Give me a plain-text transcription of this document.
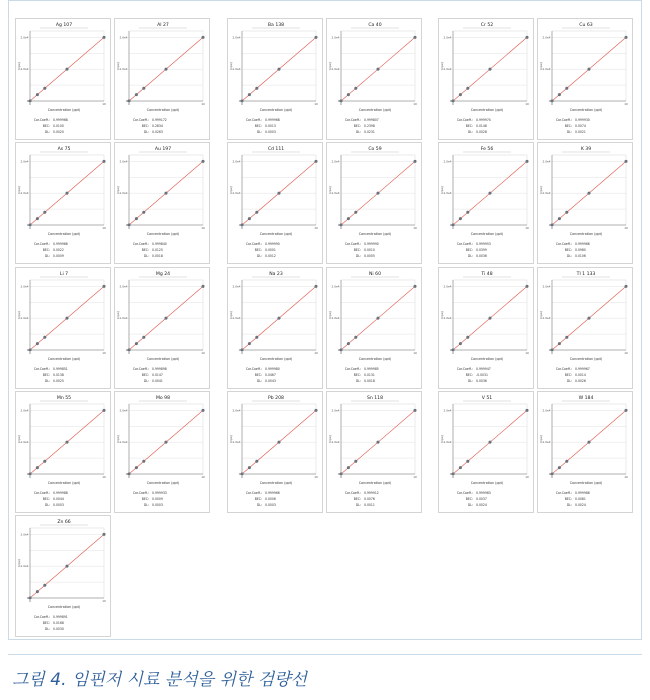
Ag 107
0
1.0e4
2.0e4
0	10
[cps]
Concentration (ppt)
Cor.Coeff.: 0.999968
BEC: 0.0100
DL: 0.0020
Al 27
0
1.0e4
2.0e4
0	10
[cps]
Concentration (ppt)
Cor.Coeff.: 0.999172
BEC: 0.2834
DL: 0.0263
Ba 138
0
1.0e4
2.0e4
0	10
[cps]
Concentration (ppt)
Cor.Coeff.: 0.999968
BEC: 0.0013
DL: 0.0003
Ca 40
0
1.0e4
2.0e4
0	10
[cps]
Concentration (ppt)
Cor.Coeff.: 0.999807
BEC: 0.2398
DL: 0.0231
Cr 52
0
1.0e4
2.0e4
0	10
[cps]
Concentration (ppt)
Cor.Coeff.: 0.999974
BEC: 0.0148
DL: 0.0028
Cu 63
0
1.0e4
2.0e4
0	10
[cps]
Concentration (ppt)
Cor.Coeff.: 0.999930
BEC: 0.0074
DL: 0.0021
As 75
0
1.0e4
2.0e4
0	10
[cps]
Concentration (ppt)
Cor.Coeff.: 0.999966
BEC: 0.0022
DL: 0.0009
Au 197
0
1.0e4
2.0e4
0	10
[cps]
Concentration (ppt)
Cor.Coeff.: 0.999840
BEC: 0.0125
DL: 0.0018
Cd 111
0
1.0e4
2.0e4
0	10
[cps]
Concentration (ppt)
Cor.Coeff.: 0.999990
BEC: 0.0001
DL: 0.0012
Co 59
0
1.0e4
2.0e4
0	10
[cps]
Concentration (ppt)
Cor.Coeff.: 0.999990
BEC: 0.0010
DL: 0.0005
Fe 56
0
1.0e4
2.0e4
0	10
[cps]
Concentration (ppt)
Cor.Coeff.: 0.999953
BEC: 0.0399
DL: 0.0036
K 39
0
1.0e4
2.0e4
0	10
[cps]
Concentration (ppt)
Cor.Coeff.: 0.999966
BEC: 0.0980
DL: 0.0106
Li 7
0
1.0e4
2.0e4
0	10
[cps]
Concentration (ppt)
Cor.Coeff.: 0.999851
BEC: 0.0138
DL: 0.0025
Mg 24
0
1.0e4
2.0e4
0	10
[cps]
Concentration (ppt)
Cor.Coeff.: 0.999898
BEC: 0.0147
DL: 0.0041
Na 23
0
1.0e4
2.0e4
0	10
[cps]
Concentration (ppt)
Cor.Coeff.: 0.999980
BEC: 0.0467
DL: 0.0043
Ni 60
0
1.0e4
2.0e4
0	10
[cps]
Concentration (ppt)
Cor.Coeff.: 0.999985
BEC: 0.0131
DL: 0.0018
Ti 48
0
1.0e4
2.0e4
0	10
[cps]
Concentration (ppt)
Cor.Coeff.: 0.999947
BEC: -0.0031
DL: 0.0036
Tl 1 133
0
1.0e4
2.0e4
0	10
[cps]
Concentration (ppt)
Cor.Coeff.: 0.999967
BEC: 0.0014
DL: 0.0026
Mn 55
0
1.0e4
2.0e4
0	10
[cps]
Concentration (ppt)
Cor.Coeff.: 0.999988
BEC: 0.0044
DL: 0.0003
Mo 98
0
1.0e4
2.0e4
0	10
[cps]
Concentration (ppt)
Cor.Coeff.: 0.999933
BEC: 0.0009
DL: 0.0003
Pb 208
0
1.0e4
2.0e4
0	10
[cps]
Concentration (ppt)
Cor.Coeff.: 0.999966
BEC: 0.0006
DL: 0.0003
Sn 118
0
1.0e4
2.0e4
0	10
[cps]
Concentration (ppt)
Cor.Coeff.: 0.999912
BEC: 0.0076
DL: 0.0011
V 51
0
1.0e4
2.0e4
0	10
[cps]
Concentration (ppt)
Cor.Coeff.: 0.999983
BEC: 0.0037
DL: 0.0024
W 184
0
1.0e4
2.0e4
0	10
[cps]
Concentration (ppt)
Cor.Coeff.: 0.999986
BEC: 0.0081
DL: 0.0024
Zn 66
0
1.0e4
2.0e4
0	10
[cps]
Concentration (ppt)
Cor.Coeff.: 0.999891
BEC: 0.0168
DL: 0.0030
그림 4. 임핀저 시료 분석을 위한 검량선
